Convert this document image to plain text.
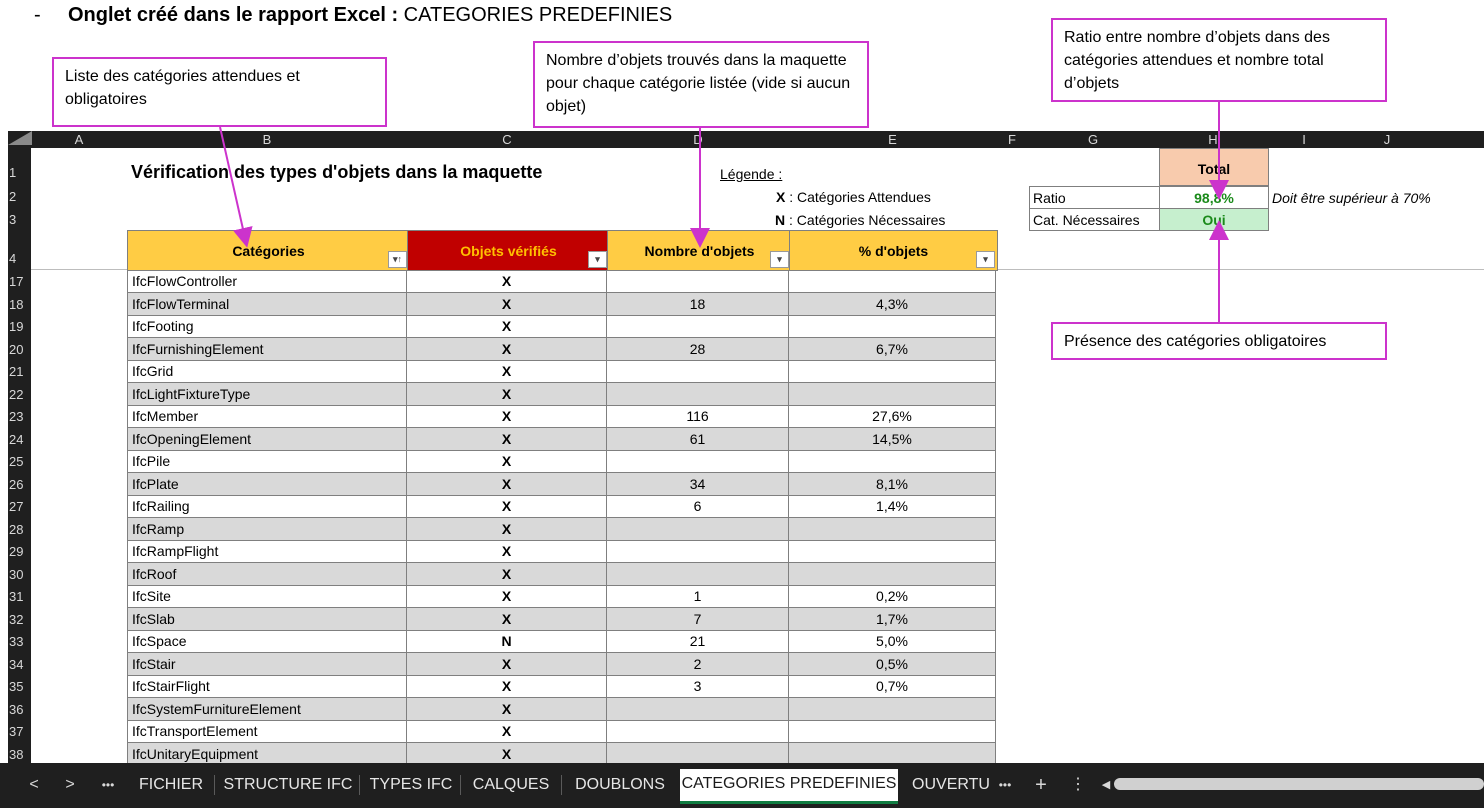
- Onglet créé dans le rapport Excel : CATEGORIES PREDEFINIES
Liste des catégories attendues et obligatoires
Nombre d’objets trouvés dans la maquette pour chaque catégorie listée (vide si aucun objet)
Ratio entre nombre d’objets dans des catégories attendues et nombre total d’objets
Présence des catégories obligatoires
A	B	C	D	E	F	G	H	I	J
1
2
3
4
17
18
19
20
21
22
23
24
25
26
27
28
29
30
31
32
33
34
35
36
37
38
Vérification des types d'objets dans la maquette	Légende :
X : Catégories Attendues
N : Catégories Nécessaires
Total
Ratio	98,8%	Doit être supérieur à 70%
Cat. Nécessaires	Oui
Catégories	▾↑	Objets vérifiés	▾	Nombre d'objets	▾	% d'objets	▾
IfcFlowController	X
IfcFlowTerminal	X	18	4,3%
IfcFooting	X
IfcFurnishingElement	X	28	6,7%
IfcGrid	X
IfcLightFixtureType	X
IfcMember	X	116	27,6%
IfcOpeningElement	X	61	14,5%
IfcPile	X
IfcPlate	X	34	8,1%
IfcRailing	X	6	1,4%
IfcRamp	X
IfcRampFlight	X
IfcRoof	X
IfcSite	X	1	0,2%
IfcSlab	X	7	1,7%
IfcSpace	N	21	5,0%
IfcStair	X	2	0,5%
IfcStairFlight	X	3	0,7%
IfcSystemFurnitureElement	X
IfcTransportElement	X
IfcUnitaryEquipment	X
<	>	•••	FICHIER	STRUCTURE IFC TYPES IFC	CALQUES	DOUBLONS	CATEGORIES PREDEFINIES OUVERTU •••	+	⋮	◀
